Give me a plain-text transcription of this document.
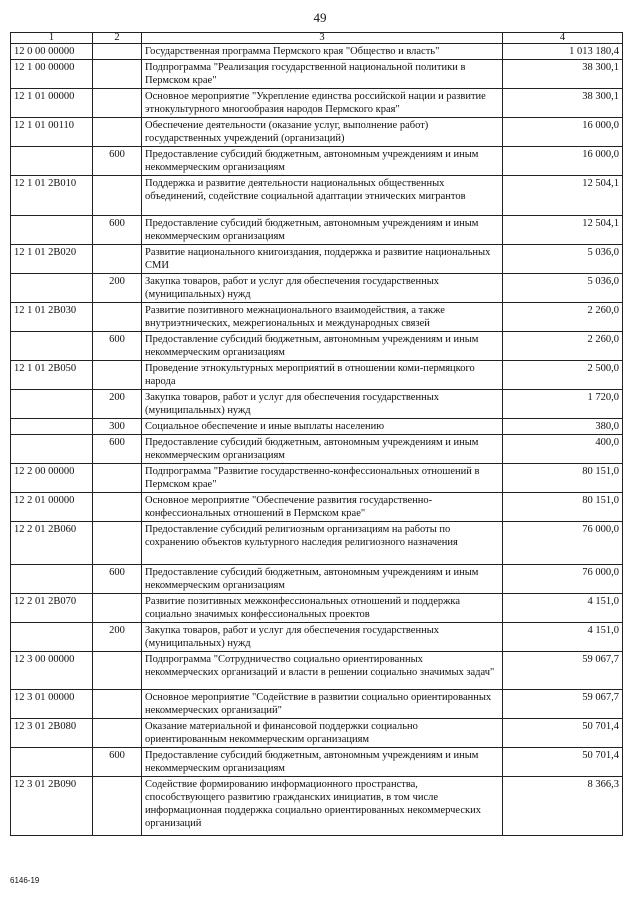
49
1	2	3	4
12 0 00 00000		Государственная программа Пермского края "Общество и власть"	1 013 180,4
12 1 00 00000		Подпрограмма "Реализация государственной национальной политики в Пермском крае"	38 300,1
12 1 01 00000		Основное мероприятие "Укрепление единства российской нации и развитие этнокультурного многообразия народов Пермского края"	38 300,1
12 1 01 00110		Обеспечение деятельности (оказание услуг, выполнение работ) государственных учреждений (организаций)	16 000,0
	600	Предоставление субсидий бюджетным, автономным учреждениям и иным некоммерческим организациям	16 000,0
12 1 01 2В010		Поддержка и развитие деятельности национальных общественных объединений, содействие социальной адаптации этнических мигрантов	12 504,1
	600	Предоставление субсидий бюджетным, автономным учреждениям и иным некоммерческим организациям	12 504,1
12 1 01 2В020		Развитие национального книгоиздания, поддержка и развитие национальных СМИ	5 036,0
	200	Закупка товаров, работ и услуг для обеспечения государственных (муниципальных) нужд	5 036,0
12 1 01 2В030		Развитие позитивного межнационального взаимодействия, а также внутриэтнических, межрегиональных и международных связей	2 260,0
	600	Предоставление субсидий бюджетным, автономным учреждениям и иным некоммерческим организациям	2 260,0
12 1 01 2В050		Проведение этнокультурных мероприятий в отношении коми-пермяцкого народа	2 500,0
	200	Закупка товаров, работ и услуг для обеспечения государственных (муниципальных) нужд	1 720,0
	300	Социальное обеспечение и иные выплаты населению	380,0
	600	Предоставление субсидий бюджетным, автономным учреждениям и иным некоммерческим организациям	400,0
12 2 00 00000		Подпрограмма "Развитие государственно-конфессиональных отношений в Пермском крае"	80 151,0
12 2 01 00000		Основное мероприятие "Обеспечение развития государственно-конфессиональных отношений в Пермском крае"	80 151,0
12 2 01 2В060		Предоставление субсидий религиозным организациям на работы по сохранению объектов культурного наследия религиозного назначения	76 000,0
	600	Предоставление субсидий бюджетным, автономным учреждениям и иным некоммерческим организациям	76 000,0
12 2 01 2В070		Развитие позитивных межконфессиональных отношений и поддержка социально значимых конфессиональных проектов	4 151,0
	200	Закупка товаров, работ и услуг для обеспечения государственных (муниципальных) нужд	4 151,0
12 3 00 00000		Подпрограмма "Сотрудничество социально ориентированных некоммерческих организаций и власти в решении социально значимых задач"	59 067,7
12 3 01 00000		Основное мероприятие "Содействие в развитии социально ориентированных некоммерческих организаций"	59 067,7
12 3 01 2В080		Оказание материальной и финансовой поддержки социально ориентированным некоммерческим организациям	50 701,4
	600	Предоставление субсидий бюджетным, автономным учреждениям и иным некоммерческим организациям	50 701,4
12 3 01 2В090		Содействие формированию информационного пространства, способствующего развитию гражданских инициатив, в том числе информационная поддержка социально ориентированных некоммерческих организаций	8 366,3
6146-19
